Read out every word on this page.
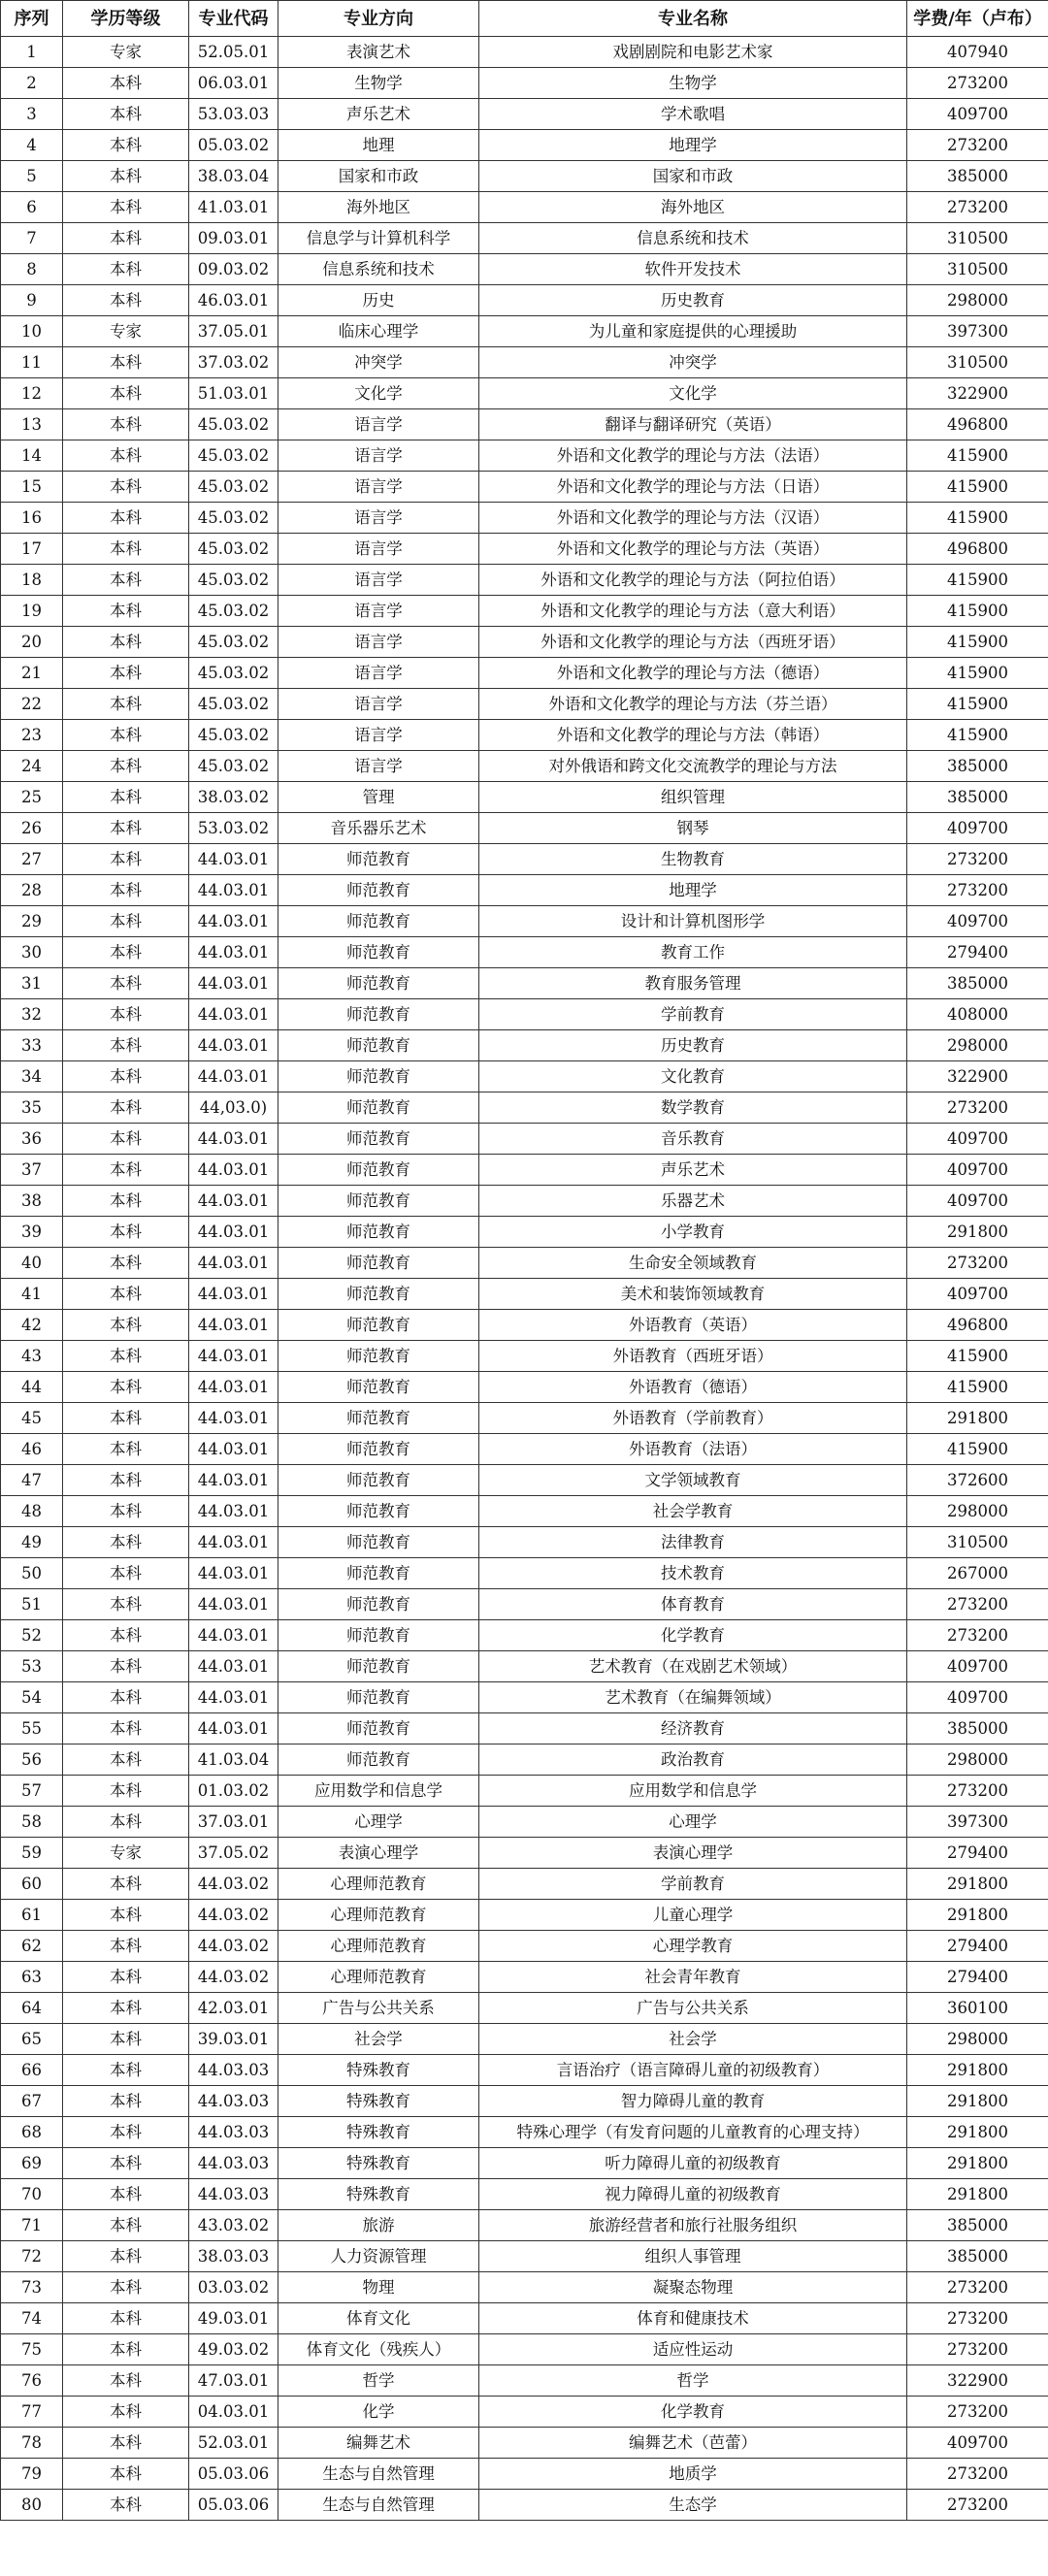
序列	学历等级	专业代码	专业方向	专业名称	学费/年（卢布）
1	专家	52.05.01	表演艺术	戏剧剧院和电影艺术家	407940
2	本科	06.03.01	生物学	生物学	273200
3	本科	53.03.03	声乐艺术	学术歌唱	409700
4	本科	05.03.02	地理	地理学	273200
5	本科	38.03.04	国家和市政	国家和市政	385000
6	本科	41.03.01	海外地区	海外地区	273200
7	本科	09.03.01	信息学与计算机科学	信息系统和技术	310500
8	本科	09.03.02	信息系统和技术	软件开发技术	310500
9	本科	46.03.01	历史	历史教育	298000
10	专家	37.05.01	临床心理学	为儿童和家庭提供的心理援助	397300
11	本科	37.03.02	冲突学	冲突学	310500
12	本科	51.03.01	文化学	文化学	322900
13	本科	45.03.02	语言学	翻译与翻译研究（英语）	496800
14	本科	45.03.02	语言学	外语和文化教学的理论与方法（法语）	415900
15	本科	45.03.02	语言学	外语和文化教学的理论与方法（日语）	415900
16	本科	45.03.02	语言学	外语和文化教学的理论与方法（汉语）	415900
17	本科	45.03.02	语言学	外语和文化教学的理论与方法（英语）	496800
18	本科	45.03.02	语言学	外语和文化教学的理论与方法（阿拉伯语）	415900
19	本科	45.03.02	语言学	外语和文化教学的理论与方法（意大利语）	415900
20	本科	45.03.02	语言学	外语和文化教学的理论与方法（西班牙语）	415900
21	本科	45.03.02	语言学	外语和文化教学的理论与方法（德语）	415900
22	本科	45.03.02	语言学	外语和文化教学的理论与方法（芬兰语）	415900
23	本科	45.03.02	语言学	外语和文化教学的理论与方法（韩语）	415900
24	本科	45.03.02	语言学	对外俄语和跨文化交流教学的理论与方法	385000
25	本科	38.03.02	管理	组织管理	385000
26	本科	53.03.02	音乐器乐艺术	钢琴	409700
27	本科	44.03.01	师范教育	生物教育	273200
28	本科	44.03.01	师范教育	地理学	273200
29	本科	44.03.01	师范教育	设计和计算机图形学	409700
30	本科	44.03.01	师范教育	教育工作	279400
31	本科	44.03.01	师范教育	教育服务管理	385000
32	本科	44.03.01	师范教育	学前教育	408000
33	本科	44.03.01	师范教育	历史教育	298000
34	本科	44.03.01	师范教育	文化教育	322900
35	本科	44,03.0)	师范教育	数学教育	273200
36	本科	44.03.01	师范教育	音乐教育	409700
37	本科	44.03.01	师范教育	声乐艺术	409700
38	本科	44.03.01	师范教育	乐器艺术	409700
39	本科	44.03.01	师范教育	小学教育	291800
40	本科	44.03.01	师范教育	生命安全领域教育	273200
41	本科	44.03.01	师范教育	美术和装饰领域教育	409700
42	本科	44.03.01	师范教育	外语教育（英语）	496800
43	本科	44.03.01	师范教育	外语教育（西班牙语）	415900
44	本科	44.03.01	师范教育	外语教育（德语）	415900
45	本科	44.03.01	师范教育	外语教育（学前教育）	291800
46	本科	44.03.01	师范教育	外语教育（法语）	415900
47	本科	44.03.01	师范教育	文学领域教育	372600
48	本科	44.03.01	师范教育	社会学教育	298000
49	本科	44.03.01	师范教育	法律教育	310500
50	本科	44.03.01	师范教育	技术教育	267000
51	本科	44.03.01	师范教育	体育教育	273200
52	本科	44.03.01	师范教育	化学教育	273200
53	本科	44.03.01	师范教育	艺术教育（在戏剧艺术领域）	409700
54	本科	44.03.01	师范教育	艺术教育（在编舞领域）	409700
55	本科	44.03.01	师范教育	经济教育	385000
56	本科	41.03.04	师范教育	政治教育	298000
57	本科	01.03.02	应用数学和信息学	应用数学和信息学	273200
58	本科	37.03.01	心理学	心理学	397300
59	专家	37.05.02	表演心理学	表演心理学	279400
60	本科	44.03.02	心理师范教育	学前教育	291800
61	本科	44.03.02	心理师范教育	儿童心理学	291800
62	本科	44.03.02	心理师范教育	心理学教育	279400
63	本科	44.03.02	心理师范教育	社会青年教育	279400
64	本科	42.03.01	广告与公共关系	广告与公共关系	360100
65	本科	39.03.01	社会学	社会学	298000
66	本科	44.03.03	特殊教育	言语治疗（语言障碍儿童的初级教育）	291800
67	本科	44.03.03	特殊教育	智力障碍儿童的教育	291800
68	本科	44.03.03	特殊教育	特殊心理学（有发育问题的儿童教育的心理支持）	291800
69	本科	44.03.03	特殊教育	听力障碍儿童的初级教育	291800
70	本科	44.03.03	特殊教育	视力障碍儿童的初级教育	291800
71	本科	43.03.02	旅游	旅游经营者和旅行社服务组织	385000
72	本科	38.03.03	人力资源管理	组织人事管理	385000
73	本科	03.03.02	物理	凝聚态物理	273200
74	本科	49.03.01	体育文化	体育和健康技术	273200
75	本科	49.03.02	体育文化（残疾人）	适应性运动	273200
76	本科	47.03.01	哲学	哲学	322900
77	本科	04.03.01	化学	化学教育	273200
78	本科	52.03.01	编舞艺术	编舞艺术（芭蕾）	409700
79	本科	05.03.06	生态与自然管理	地质学	273200
80	本科	05.03.06	生态与自然管理	生态学	273200
